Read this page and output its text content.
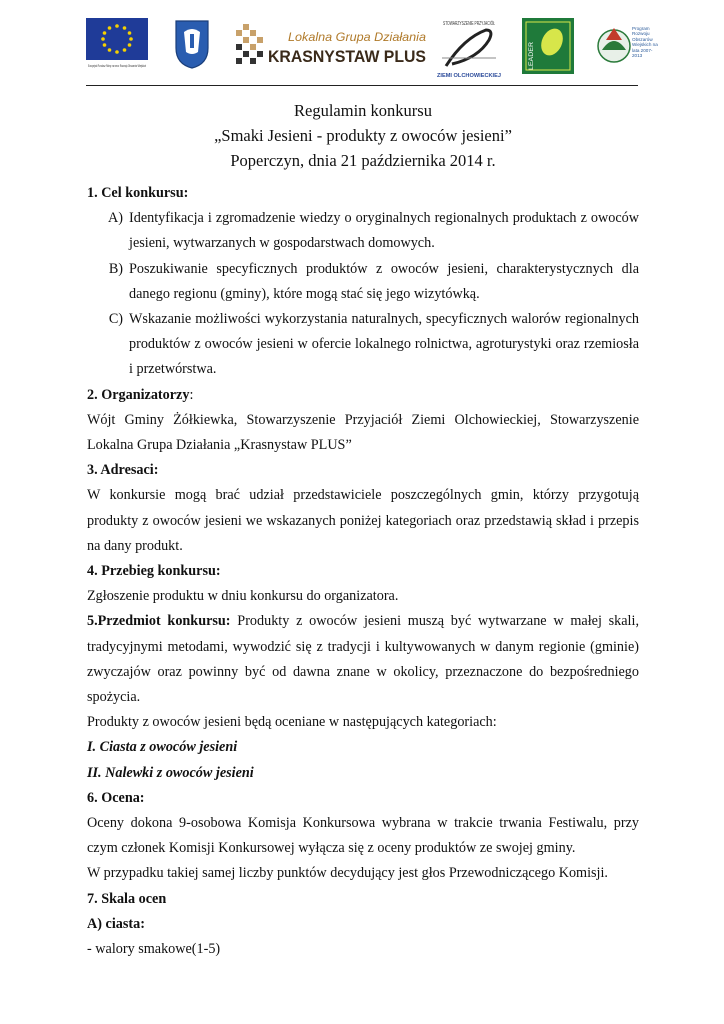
Europejski Fundusz Rolny na rzecz Rozwoju Obszarów Wiejskich
Lokalna Grupa Działania
KRASNYSTAW PLUS
STOWARZYSZENIE PRZYJACIÓŁ
ZIEMI OLCHOWIECKIEJ
LEADER
Program Rozwoju Obszarów Wiejskich na lata 2007-2013

Regulamin konkursu

„Smaki Jesieni - produkty z owoców jesieni”

Poperczyn, dnia 21 października 2014 r.

1. Cel konkursu:

A) Identyfikacja i zgromadzenie wiedzy o oryginalnych regionalnych produktach z owoców jesieni, wytwarzanych w gospodarstwach domowych.
B) Poszukiwanie specyficznych produktów z owoców jesieni, charakterystycznych dla danego regionu (gminy), które mogą stać się jego wizytówką.
C) Wskazanie możliwości wykorzystania naturalnych, specyficznych walorów regionalnych produktów z owoców jesieni w ofercie lokalnego rolnictwa, agroturystyki oraz rzemiosła i przetwórstwa.

2. Organizatorzy:

Wójt Gminy Żółkiewka, Stowarzyszenie Przyjaciół Ziemi Olchowieckiej, Stowarzyszenie Lokalna Grupa Działania „Krasnystaw PLUS”

3. Adresaci:

W konkursie mogą brać udział przedstawiciele poszczególnych gmin, którzy przygotują produkty z owoców jesieni we wskazanych poniżej kategoriach oraz przedstawią skład i przepis na dany produkt.

4. Przebieg konkursu:

Zgłoszenie produktu w dniu konkursu do organizatora.

5.Przedmiot konkursu: Produkty z owoców jesieni muszą być wytwarzane w małej skali, tradycyjnymi metodami, wywodzić się z tradycji i kultywowanych w danym regionie (gminie) zwyczajów oraz powinny być od dawna znane w okolicy, przeznaczone do bezpośredniego spożycia.

Produkty z owoców jesieni będą oceniane w następujących kategoriach:

I. Ciasta z owoców jesieni

II. Nalewki z owoców jesieni

6. Ocena:

Oceny dokona 9-osobowa Komisja Konkursowa wybrana w trakcie trwania Festiwalu, przy czym członek Komisji Konkursowej wyłącza się z oceny produktów ze swojej gminy.

W przypadku takiej samej liczby punktów decydujący jest głos Przewodniczącego Komisji.

7. Skala ocen

A) ciasta:

- walory smakowe(1-5)
